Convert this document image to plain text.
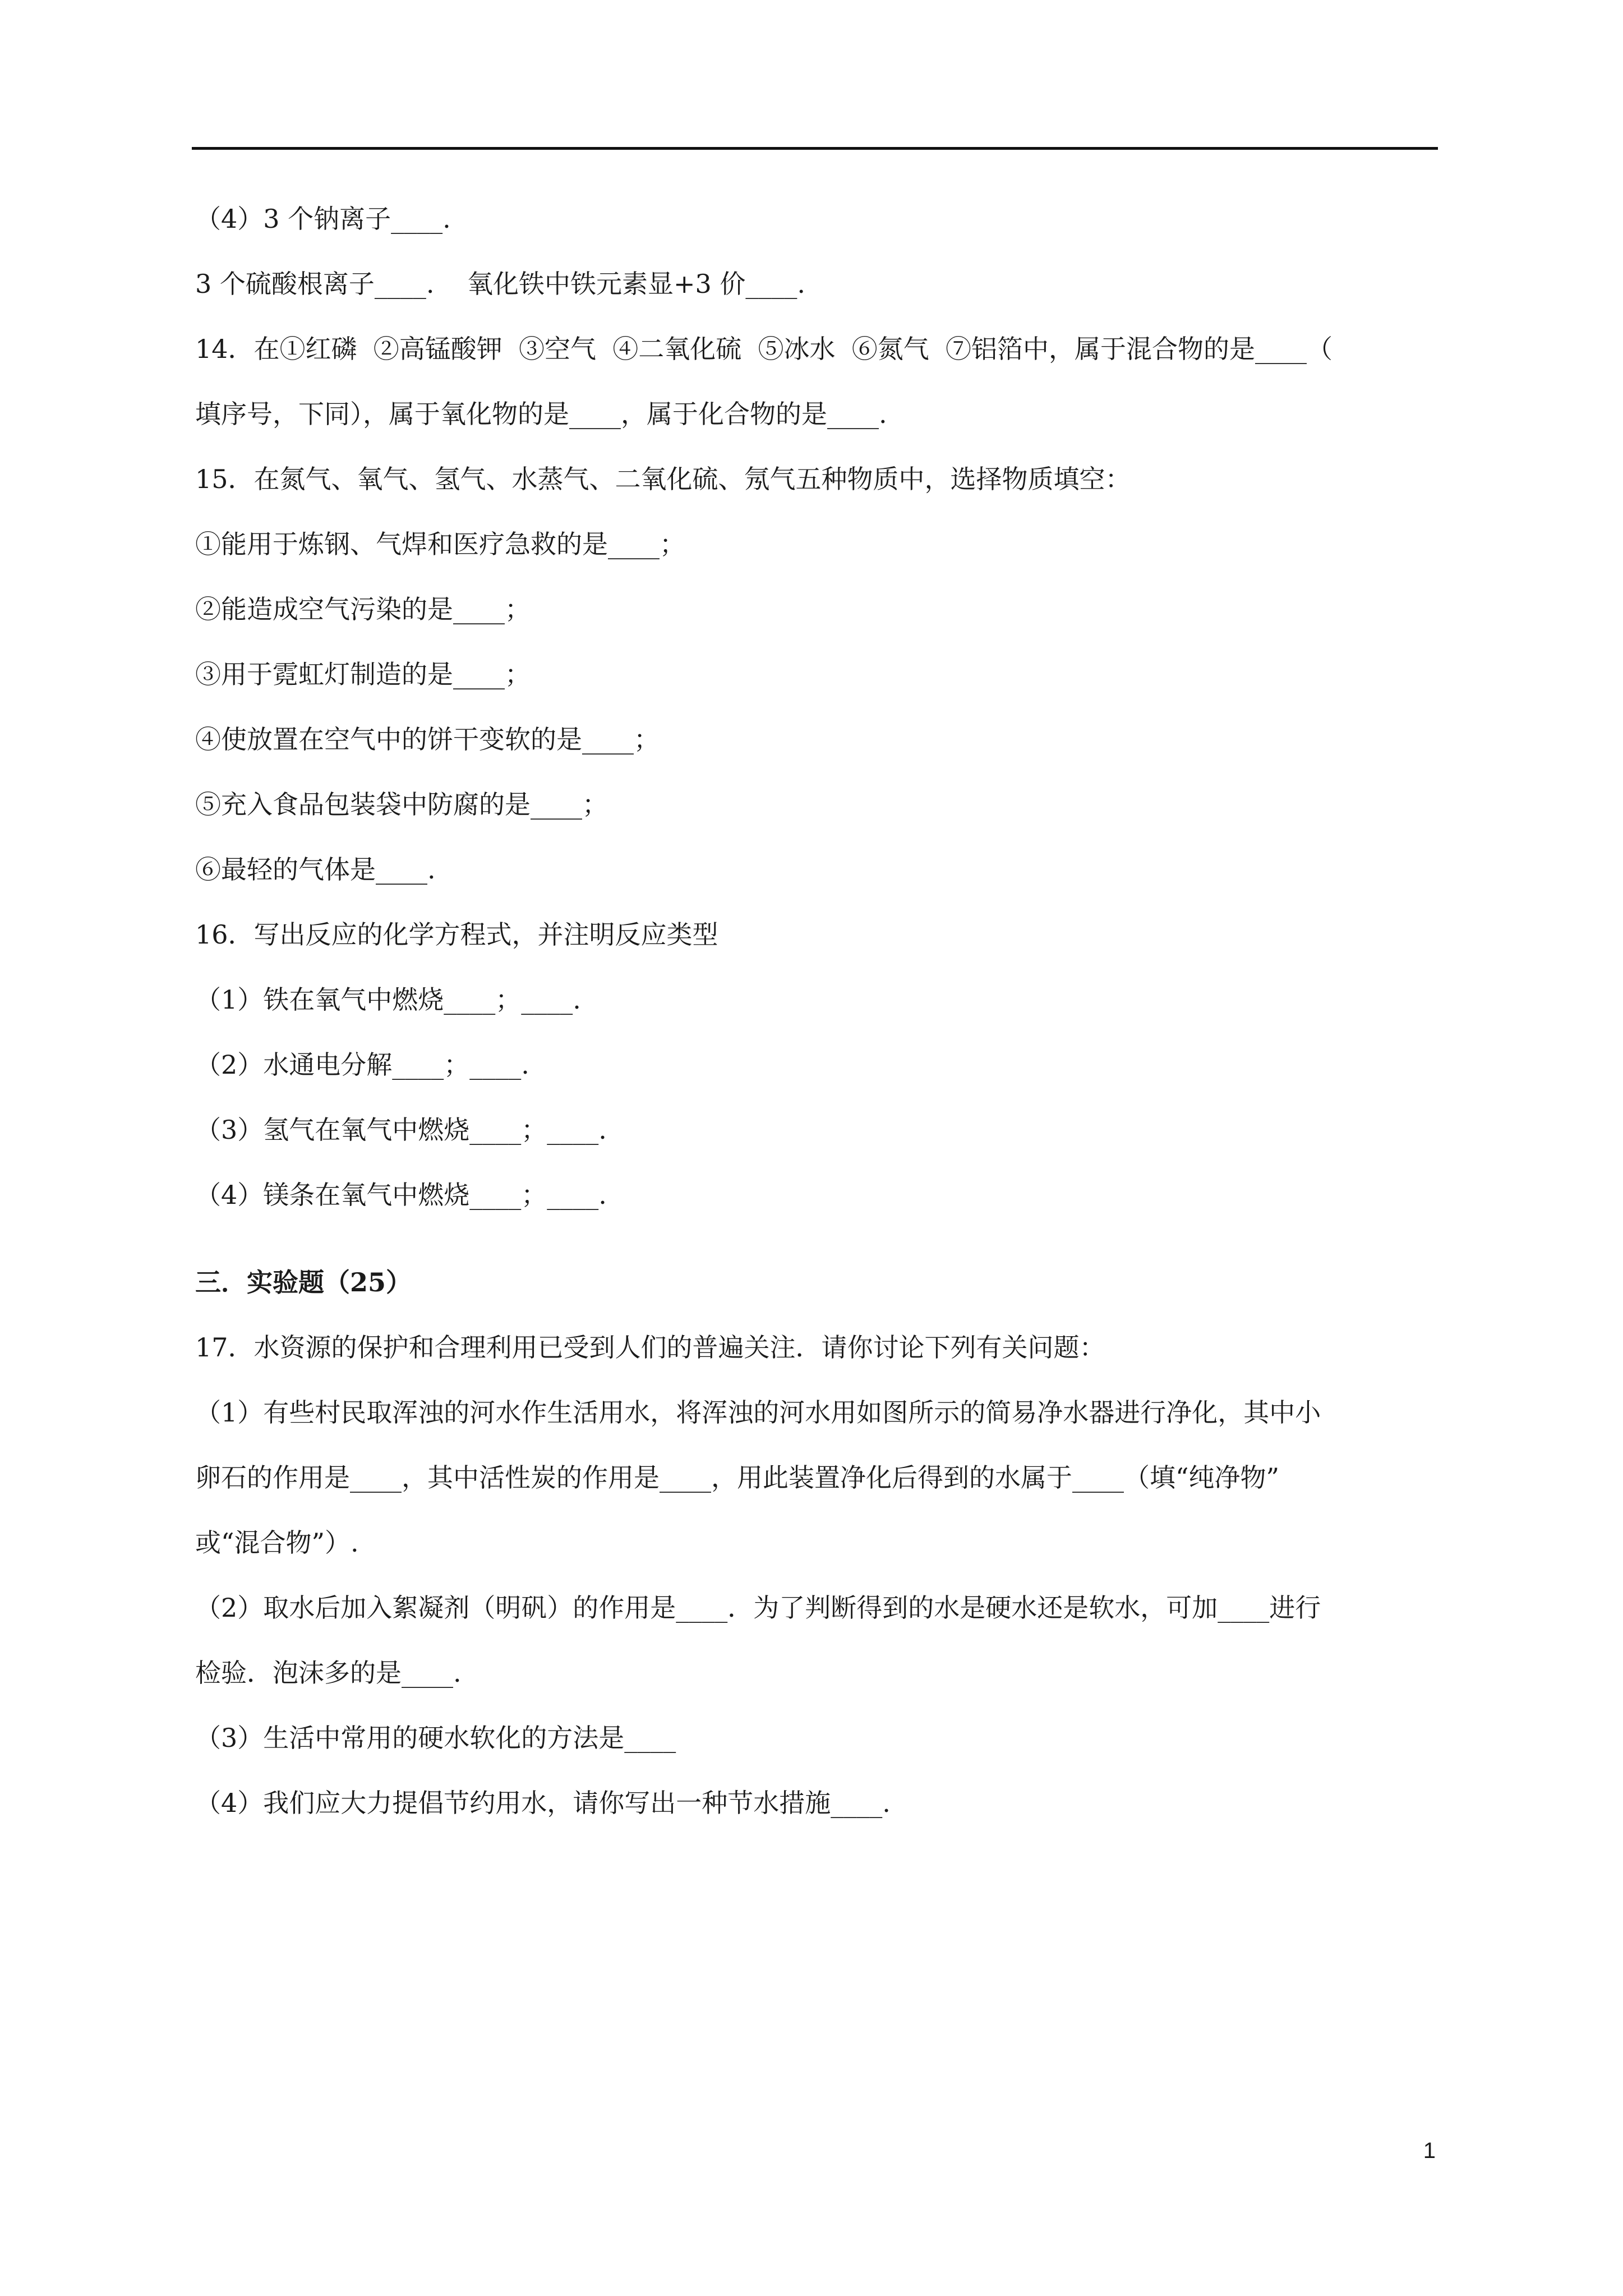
（4）3 个钠离子____.
3 个硫酸根离子____.    氧化铁中铁元素显+3 价____.
14．在①红磷  ②高锰酸钾  ③空气  ④二氧化硫  ⑤冰水  ⑥氮气  ⑦铝箔中，属于混合物的是____（
填序号，下同），属于氧化物的是____，属于化合物的是____.
15．在氮气、氧气、氢气、水蒸气、二氧化硫、氖气五种物质中，选择物质填空：
①能用于炼钢、气焊和医疗急救的是____；
②能造成空气污染的是____；
③用于霓虹灯制造的是____；
④使放置在空气中的饼干变软的是____；
⑤充入食品包装袋中防腐的是____；
⑥最轻的气体是____.
16．写出反应的化学方程式，并注明反应类型
（1）铁在氧气中燃烧____；____.
（2）水通电分解____；____.
（3）氢气在氧气中燃烧____；____.
（4）镁条在氧气中燃烧____；____.
三．实验题（25）
17．水资源的保护和合理利用已受到人们的普遍关注．请你讨论下列有关问题：
（1）有些村民取浑浊的河水作生活用水，将浑浊的河水用如图所示的简易净水器进行净化，其中小
卵石的作用是____，其中活性炭的作用是____，用此装置净化后得到的水属于____（填“纯净物”
或“混合物”）.
（2）取水后加入絮凝剂（明矾）的作用是____．为了判断得到的水是硬水还是软水，可加____进行
检验．泡沫多的是____.
（3）生活中常用的硬水软化的方法是____
（4）我们应大力提倡节约用水，请你写出一种节水措施____.
1
